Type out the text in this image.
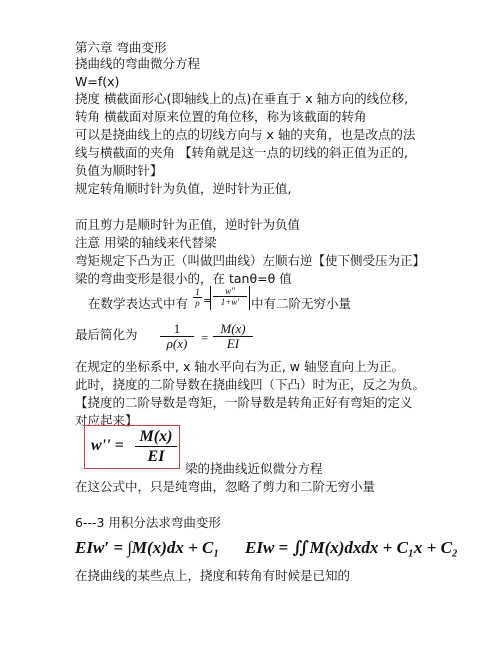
第六章 弯曲变形
挠曲线的弯曲微分方程
W=f(x)
挠度 横截面形心(即轴线上的点)在垂直于 x 轴方向的线位移,
转角 横截面对原来位置的角位移，称为该截面的转角
可以是挠曲线上的点的切线方向与 x 轴的夹角，也是改点的法
线与横截面的夹角 【转角就是这一点的切线的斜正值为正的,
负值为顺时针】
规定转角顺时针为负值，逆时针为正值,
而且剪力是顺时针为正值，逆时针为负值
注意 用梁的轴线来代替梁
弯矩规定下凸为正（叫做凹曲线）左顺右逆【使下侧受压为正】
梁的弯曲变形是很小的，在 tanθ=θ 值
在数学表达式中有
1
ρ =
w''
1+w' 中有二阶无穷小量
最后简化为	1
ρ(x)	=
M(x)
EI
在规定的坐标系中, x 轴水平向右为正, w 轴竖直向上为正。
此时，挠度的二阶导数在挠曲线凹（下凸）时为正，反之为负。
【挠度的二阶导数是弯矩，一阶导数是转角正好有弯矩的定义
对应起来】
w'' =
M(x)
EI
梁的挠曲线近似微分方程
在这公式中，只是纯弯曲，忽略了剪力和二阶无穷小量
6---3 用积分法求弯曲变形
EIw′ = ∫M(x)dx + C₁ EIw = ∬M(x)dxdx + C₁x + C₂
在挠曲线的某些点上，挠度和转角有时候是已知的
